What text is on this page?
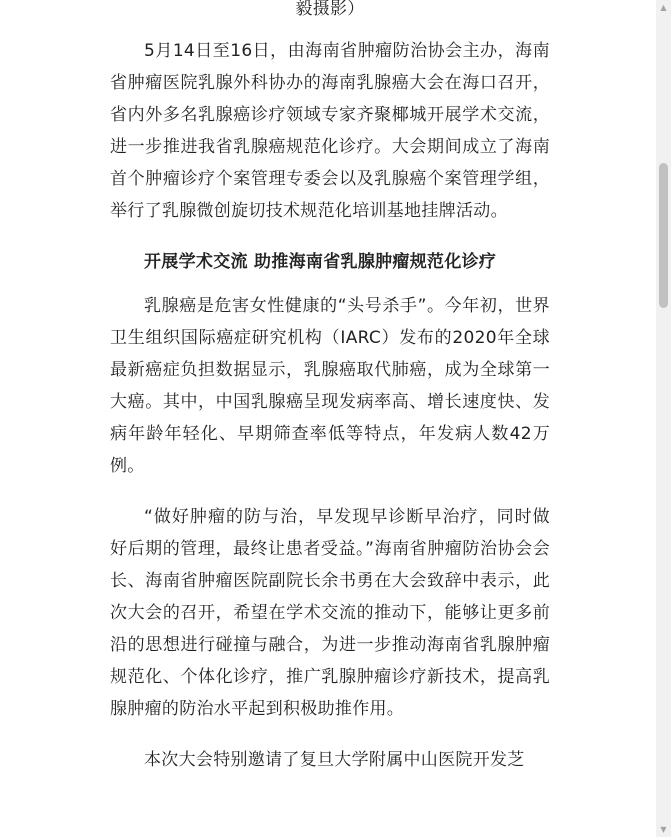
毅摄影）

5月14日至16日，由海南省肿瘤防治协会主办，海南省肿瘤医院乳腺外科协办的海南乳腺癌大会在海口召开，省内外多名乳腺癌诊疗领域专家齐聚椰城开展学术交流，进一步推进我省乳腺癌规范化诊疗。大会期间成立了海南首个肿瘤诊疗个案管理专委会以及乳腺癌个案管理学组，举行了乳腺微创旋切技术规范化培训基地挂牌活动。

开展学术交流 助推海南省乳腺肿瘤规范化诊疗

乳腺癌是危害女性健康的“头号杀手”。今年初，世界卫生组织国际癌症研究机构（IARC）发布的2020年全球最新癌症负担数据显示，乳腺癌取代肺癌，成为全球第一大癌。其中，中国乳腺癌呈现发病率高、增长速度快、发病年龄年轻化、早期筛查率低等特点，年发病人数42万例。

“做好肿瘤的防与治，早发现早诊断早治疗，同时做好后期的管理，最终让患者受益。”海南省肿瘤防治协会会长、海南省肿瘤医院副院长余书勇在大会致辞中表示，此次大会的召开，希望在学术交流的推动下，能够让更多前沿的思想进行碰撞与融合，为进一步推动海南省乳腺肿瘤规范化、个体化诊疗，推广乳腺肿瘤诊疗新技术，提高乳腺肿瘤的防治水平起到积极助推作用。

本次大会特别邀请了复旦大学附属中山医院开发芝

▲
▼
